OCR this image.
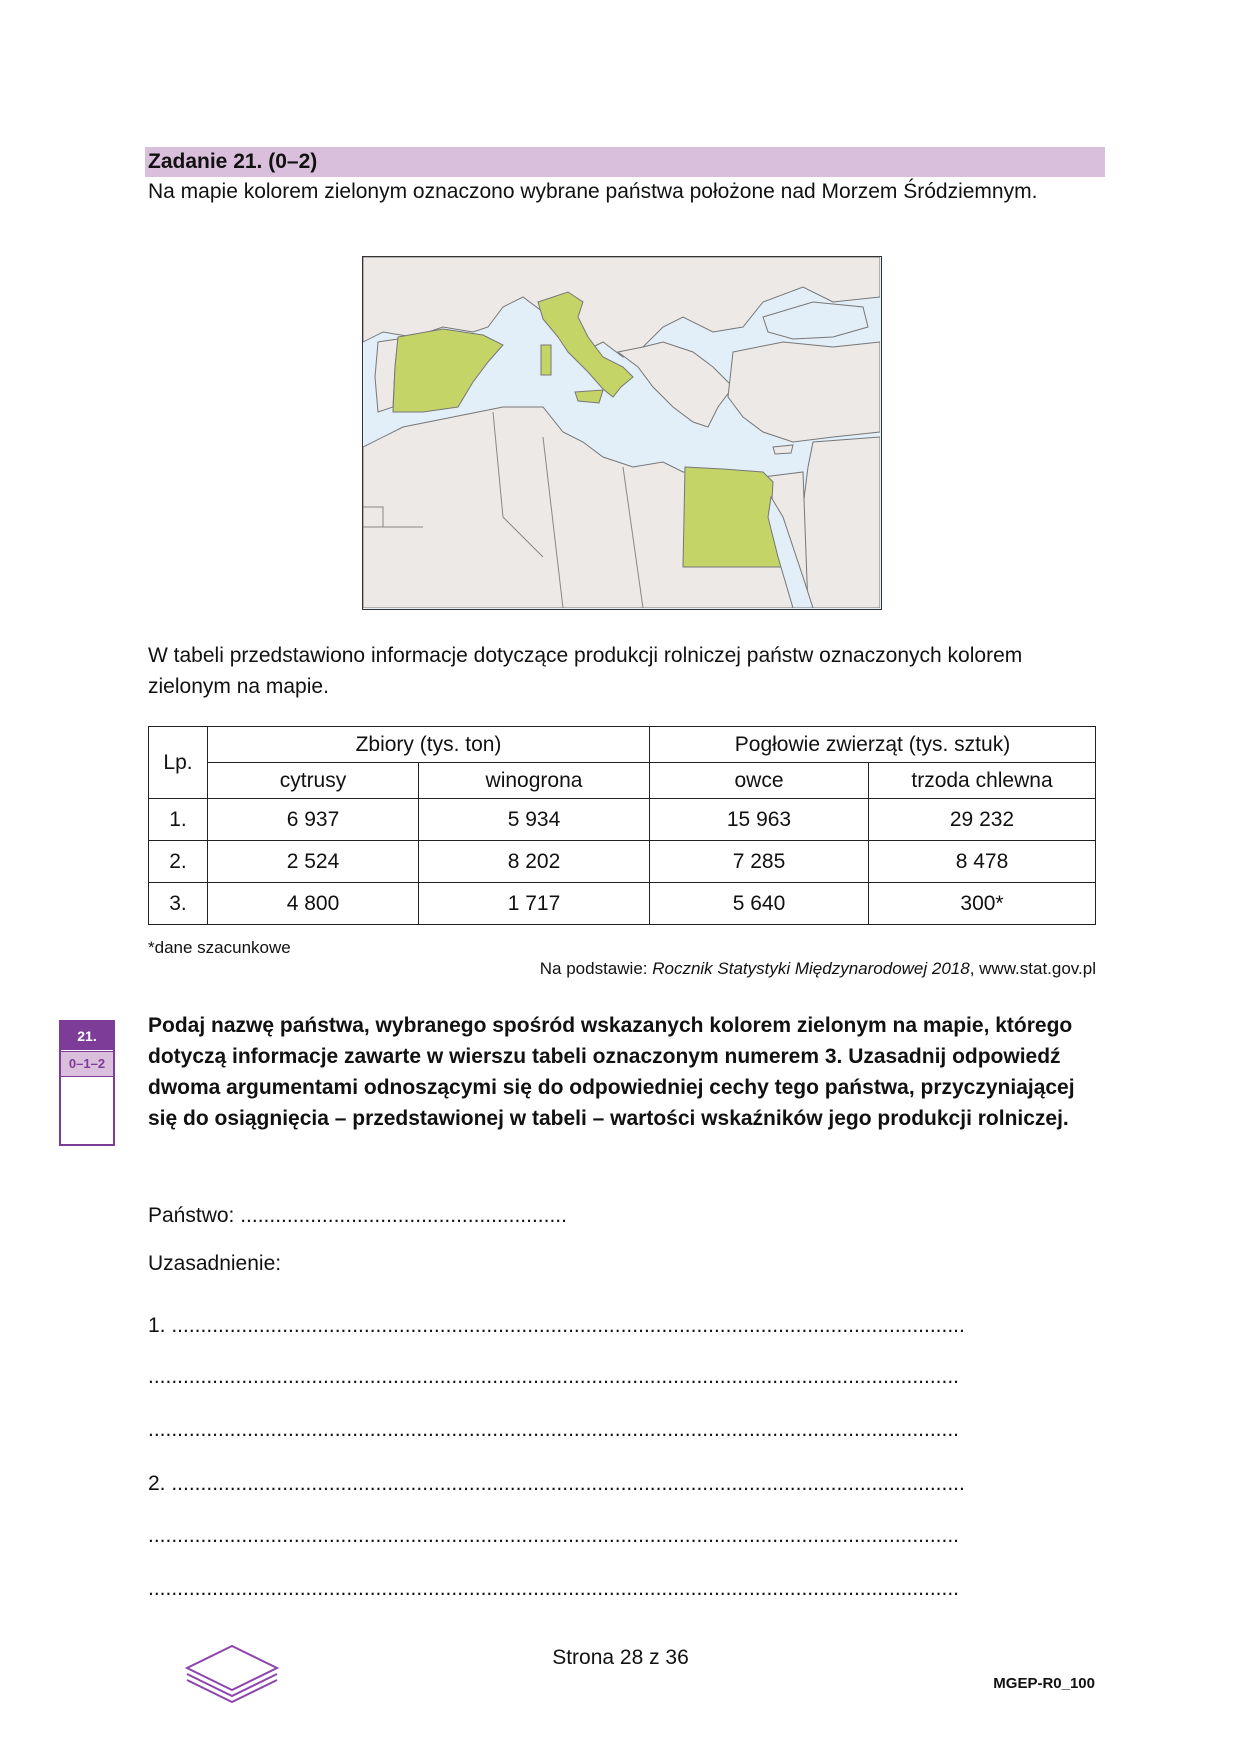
Zadanie 21. (0–2)
Na mapie kolorem zielonym oznaczono wybrane państwa położone nad Morzem Śródziemnym.
W tabeli przedstawiono informacje dotyczące produkcji rolniczej państw oznaczonych kolorem zielonym na mapie.
Lp.	Zbiory (tys. ton)		Pogłowie zwierząt (tys. sztuk)	
	cytrusy	winogrona	owce	trzoda chlewna
1.	6 937	5 934	15 963	29 232
2.	2 524	8 202	7 285	8 478
3.	4 800	1 717	5 640	300*
*dane szacunkowe
Na podstawie: Rocznik Statystyki Międzynarodowej 2018, www.stat.gov.pl
21.
0–1–2
Podaj nazwę państwa, wybranego spośród wskazanych kolorem zielonym na mapie, którego dotyczą informacje zawarte w wierszu tabeli oznaczonym numerem 3. Uzasadnij odpowiedź dwoma argumentami odnoszącymi się do odpowiedniej cechy tego państwa, przyczyniającej się do osiągnięcia – przedstawionej w tabeli – wartości wskaźników jego produkcji rolniczej.
Państwo: ........................................................
Uzasadnienie:
1. ........................................................................................................................................
...........................................................................................................................................
...........................................................................................................................................
2. ........................................................................................................................................
...........................................................................................................................................
...........................................................................................................................................
Strona 28 z 36
MGEP-R0_100
